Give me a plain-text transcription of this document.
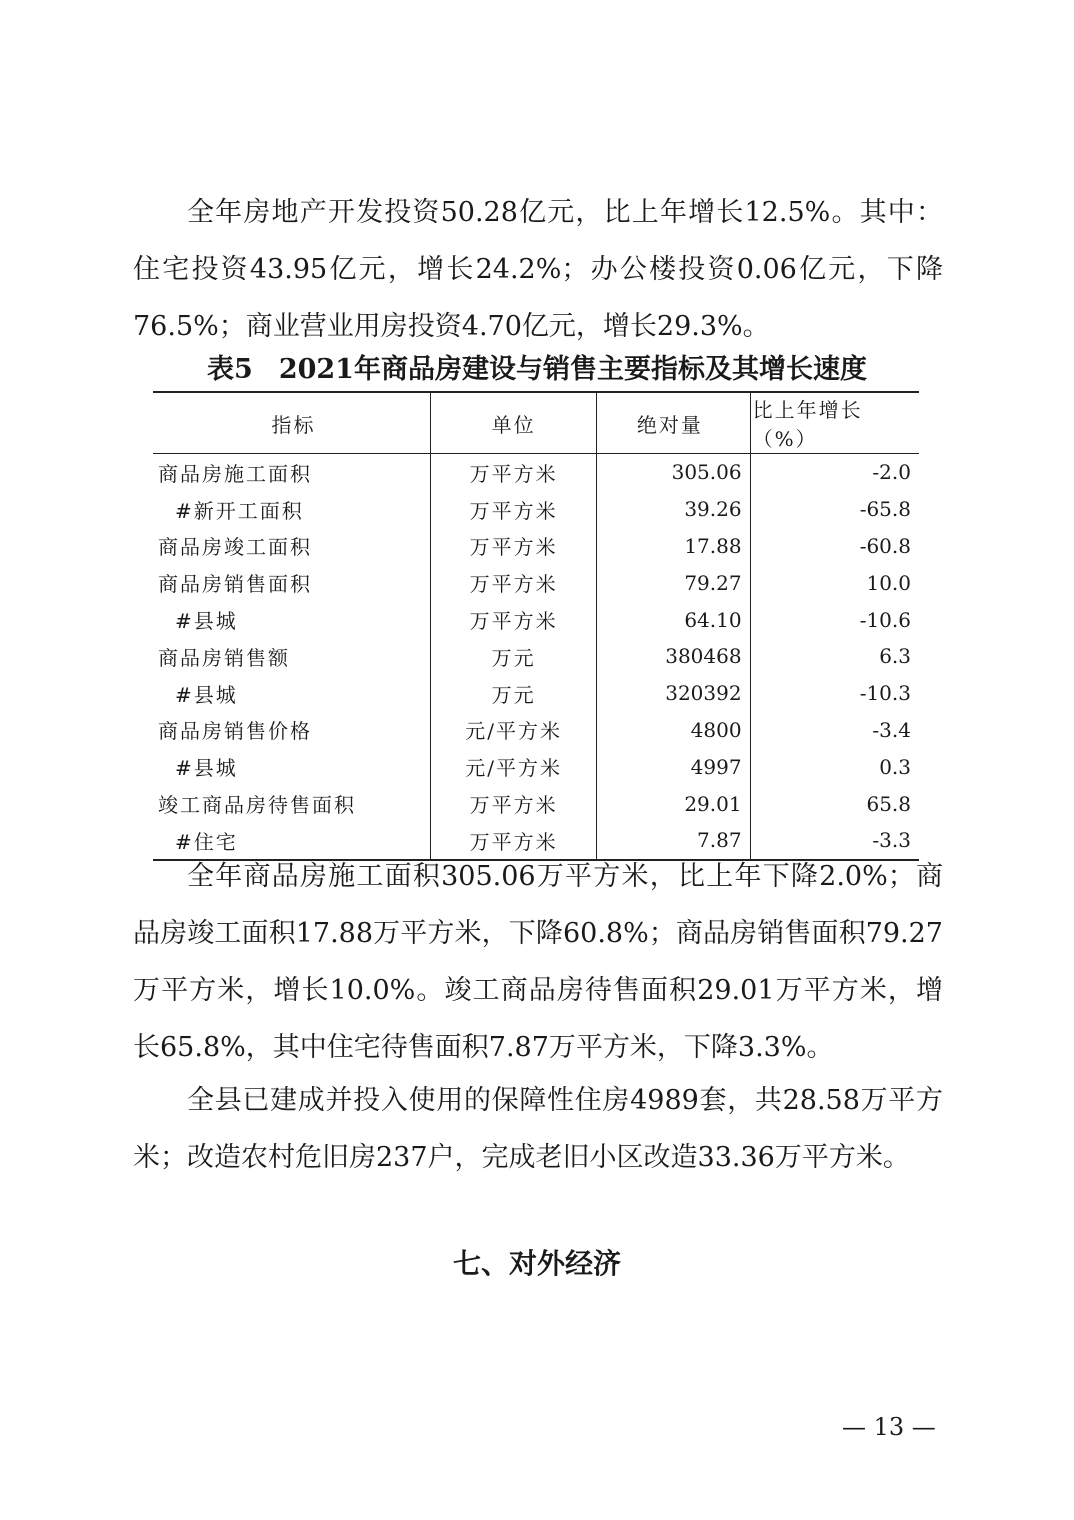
全年房地产开发投资50.28亿元，比上年增长12.5%。其中：住宅投资43.95亿元，增长24.2%；办公楼投资0.06亿元，下降76.5%；商业营业用房投资4.70亿元，增长29.3%。

表5 2021年商品房建设与销售主要指标及其增长速度
指标	单位	绝对量	比上年增长（%）
商品房施工面积	万平方米	305.06	-2.0
#新开工面积	万平方米	39.26	-65.8
商品房竣工面积	万平方米	17.88	-60.8
商品房销售面积	万平方米	79.27	10.0
#县城	万平方米	64.10	-10.6
商品房销售额	万元	380468	6.3
#县城	万元	320392	-10.3
商品房销售价格	元/平方米	4800	-3.4
#县城	元/平方米	4997	0.3
竣工商品房待售面积	万平方米	29.01	65.8
#住宅	万平方米	7.87	-3.3

全年商品房施工面积305.06万平方米，比上年下降2.0%；商品房竣工面积17.88万平方米，下降60.8%；商品房销售面积79.27万平方米，增长10.0%。竣工商品房待售面积29.01万平方米，增长65.8%，其中住宅待售面积7.87万平方米，下降3.3%。

全县已建成并投入使用的保障性住房4989套，共28.58万平方米；改造农村危旧房237户，完成老旧小区改造33.36万平方米。

七、对外经济
— 13 —
